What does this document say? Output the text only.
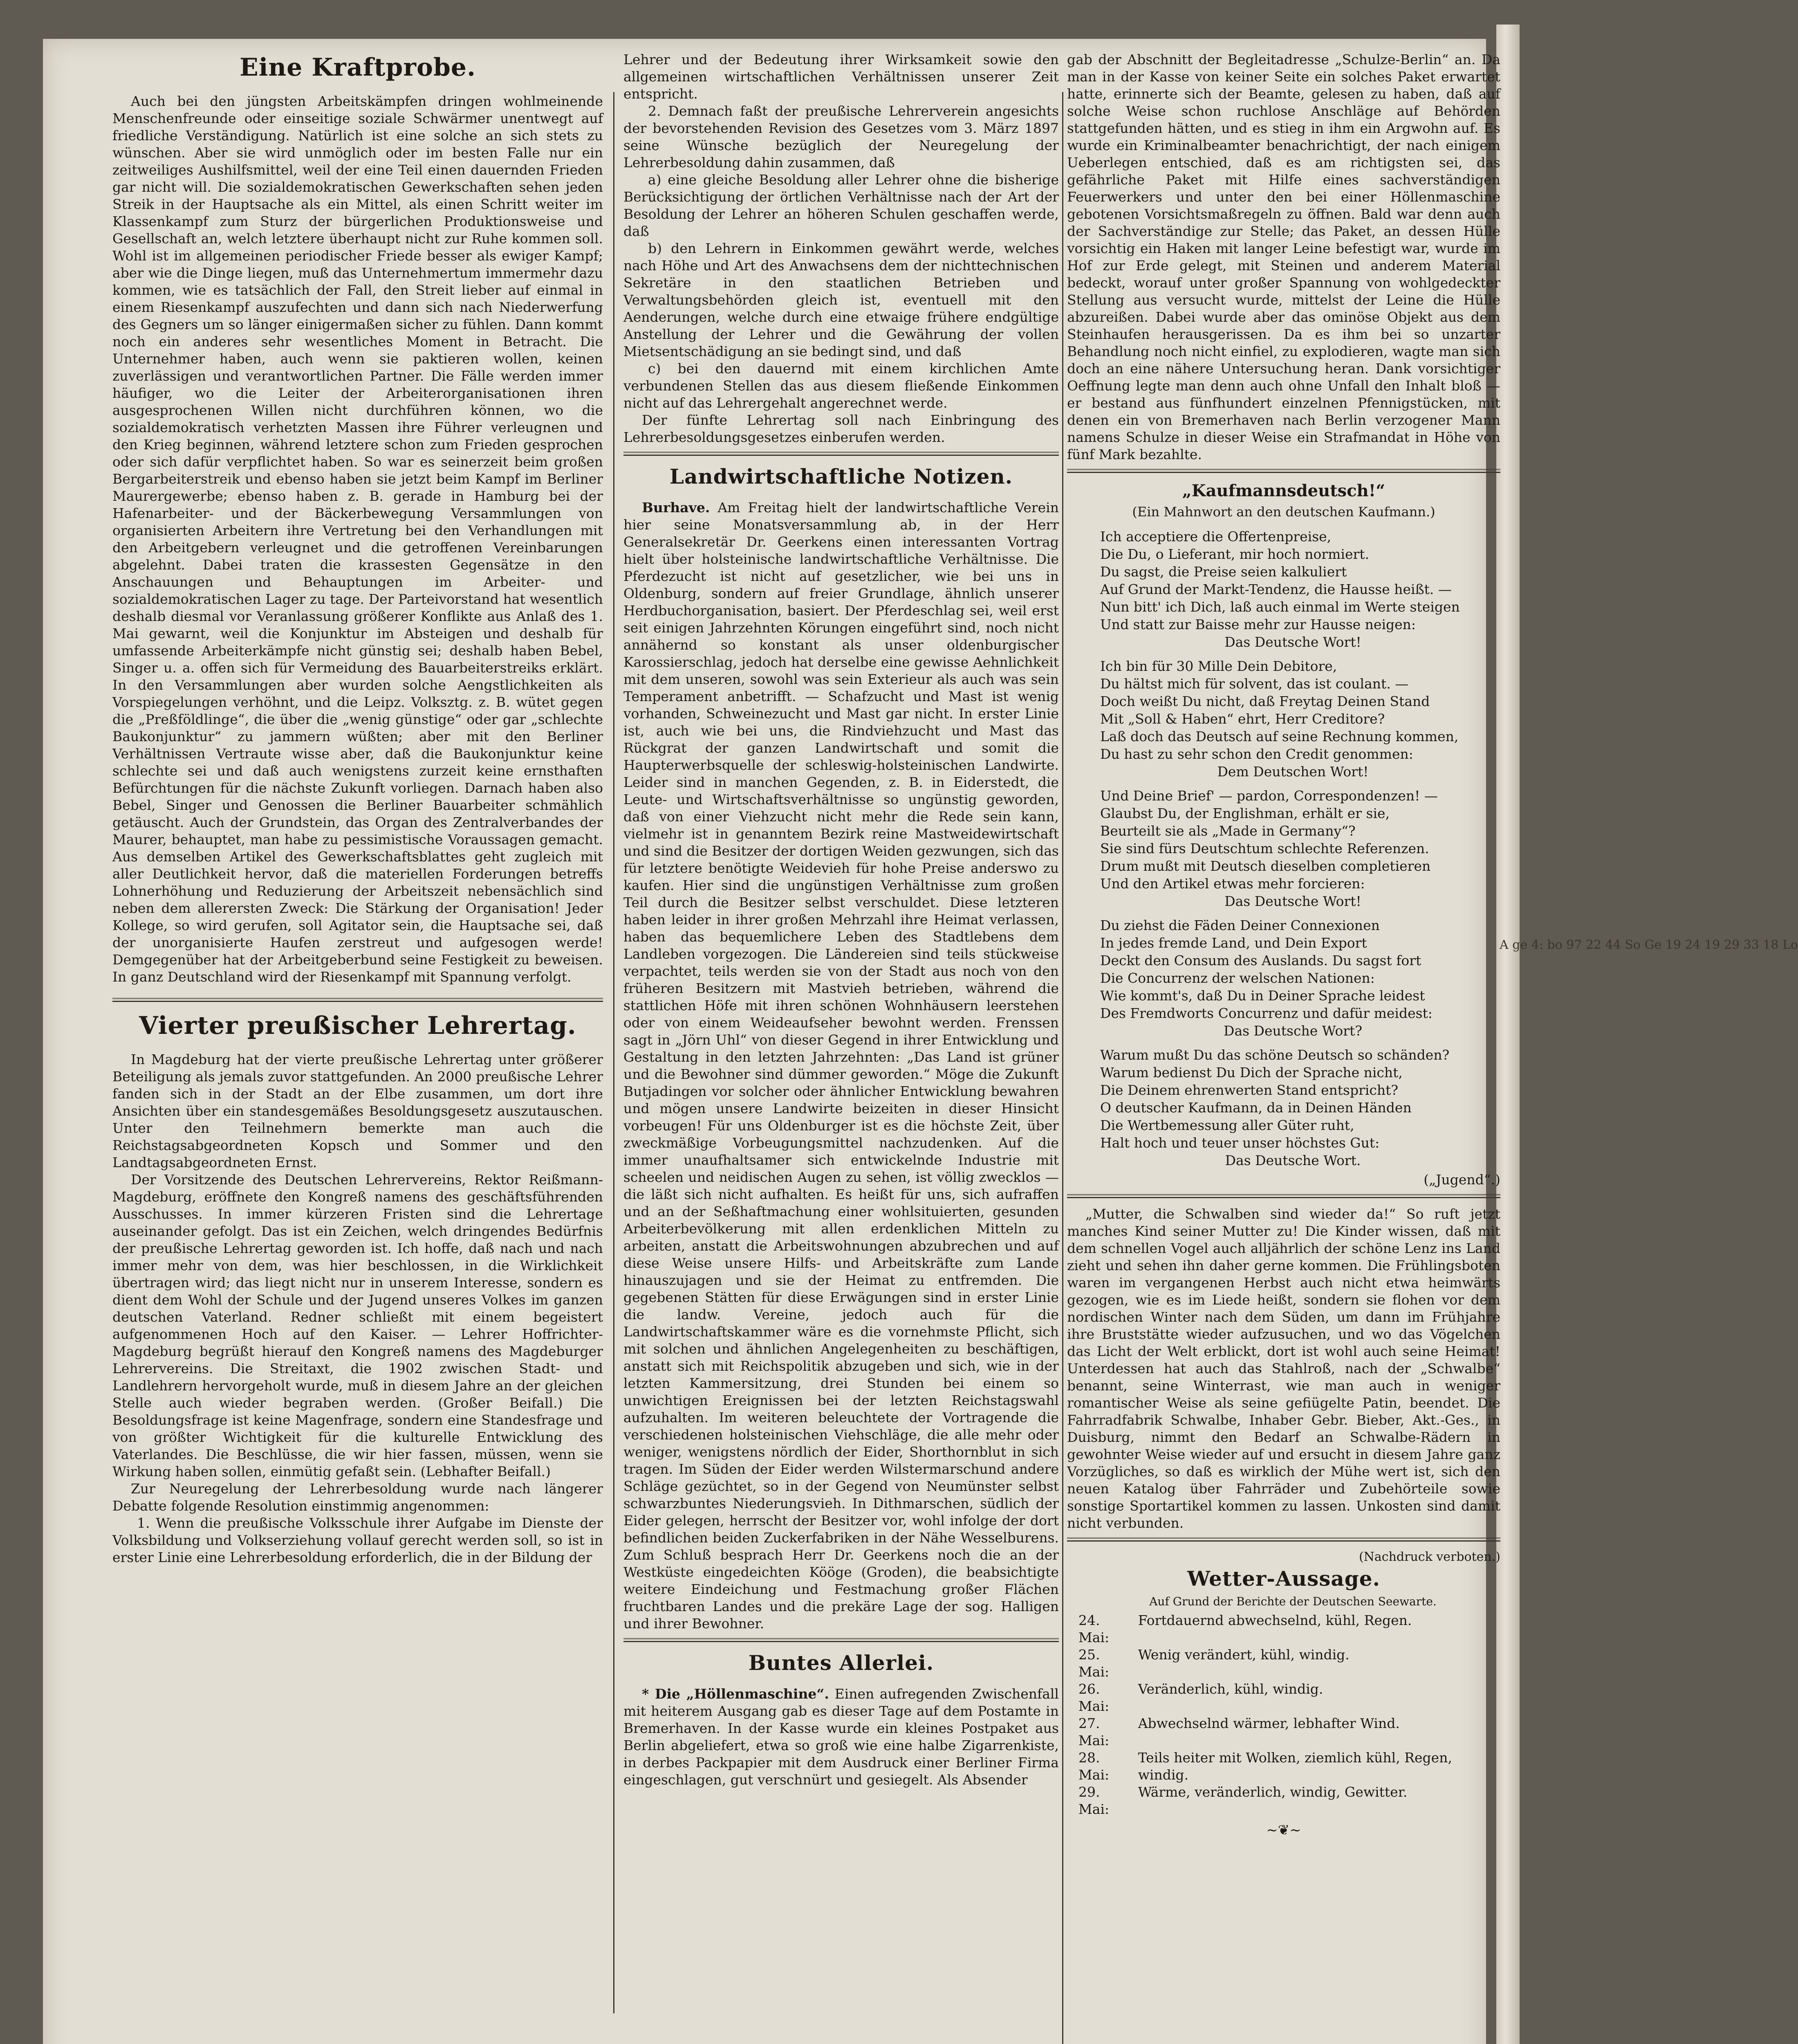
A ge 4: bo 97 22 44 So Ge 19 24 19 29 33 18 Lo
Eine Kraftprobe.

Auch bei den jüngsten Arbeitskämpfen dringen wohlmeinende Menschenfreunde oder einseitige soziale Schwärmer unentwegt auf friedliche Verständigung. Natürlich ist eine solche an sich stets zu wünschen. Aber sie wird unmöglich oder im besten Falle nur ein zeitweiliges Aushilfsmittel, weil der eine Teil einen dauernden Frieden gar nicht will. Die sozialdemokratischen Gewerkschaften sehen jeden Streik in der Hauptsache als ein Mittel, als einen Schritt weiter im Klassenkampf zum Sturz der bürgerlichen Produktionsweise und Gesellschaft an, welch letztere überhaupt nicht zur Ruhe kommen soll. Wohl ist im allgemeinen periodischer Friede besser als ewiger Kampf; aber wie die Dinge liegen, muß das Unternehmertum immermehr dazu kommen, wie es tatsächlich der Fall, den Streit lieber auf einmal in einem Riesenkampf auszufechten und dann sich nach Niederwerfung des Gegners um so länger einigermaßen sicher zu fühlen. Dann kommt noch ein anderes sehr wesentliches Moment in Betracht. Die Unternehmer haben, auch wenn sie paktieren wollen, keinen zuverlässigen und verantwortlichen Partner. Die Fälle werden immer häufiger, wo die Leiter der Arbeiterorganisationen ihren ausgesprochenen Willen nicht durchführen können, wo die sozialdemokratisch verhetzten Massen ihre Führer verleugnen und den Krieg beginnen, während letztere schon zum Frieden gesprochen oder sich dafür verpflichtet haben. So war es seinerzeit beim großen Bergarbeiterstreik und ebenso haben sie jetzt beim Kampf im Berliner Maurergewerbe; ebenso haben z. B. gerade in Hamburg bei der Hafenarbeiter- und der Bäckerbewegung Versammlungen von organisierten Arbeitern ihre Vertretung bei den Verhandlungen mit den Arbeitgebern verleugnet und die getroffenen Vereinbarungen abgelehnt. Dabei traten die krassesten Gegensätze in den Anschauungen und Behauptungen im Arbeiter- und sozialdemokratischen Lager zu tage. Der Parteivorstand hat wesentlich deshalb diesmal vor Veranlassung größerer Konflikte aus Anlaß des 1. Mai gewarnt, weil die Konjunktur im Absteigen und deshalb für umfassende Arbeiterkämpfe nicht günstig sei; deshalb haben Bebel, Singer u. a. offen sich für Vermeidung des Bauarbeiterstreiks erklärt. In den Versammlungen aber wurden solche Aengstlichkeiten als Vorspiegelungen verhöhnt, und die Leipz. Volksztg. z. B. wütet gegen die „Preßföldlinge“, die über die „wenig günstige“ oder gar „schlechte Baukonjunktur“ zu jammern wüßten; aber mit den Berliner Verhältnissen Vertraute wisse aber, daß die Baukonjunktur keine schlechte sei und daß auch wenigstens zurzeit keine ernsthaften Befürchtungen für die nächste Zukunft vorliegen. Darnach haben also Bebel, Singer und Genossen die Berliner Bauarbeiter schmählich getäuscht. Auch der Grundstein, das Organ des Zentralverbandes der Maurer, behauptet, man habe zu pessimistische Voraussagen gemacht. Aus demselben Artikel des Gewerkschaftsblattes geht zugleich mit aller Deutlichkeit hervor, daß die materiellen Forderungen betreffs Lohnerhöhung und Reduzierung der Arbeitszeit nebensächlich sind neben dem allerersten Zweck: Die Stärkung der Organisation! Jeder Kollege, so wird gerufen, soll Agitator sein, die Hauptsache sei, daß der unorganisierte Haufen zerstreut und aufgesogen werde! Demgegenüber hat der Arbeitgeberbund seine Festigkeit zu beweisen. In ganz Deutschland wird der Riesenkampf mit Spannung verfolgt.

Vierter preußischer Lehrertag.

In Magdeburg hat der vierte preußische Lehrertag unter größerer Beteiligung als jemals zuvor stattgefunden. An 2000 preußische Lehrer fanden sich in der Stadt an der Elbe zusammen, um dort ihre Ansichten über ein standesgemäßes Besoldungsgesetz auszutauschen. Unter den Teilnehmern bemerkte man auch die Reichstagsabgeordneten Kopsch und Sommer und den Landtagsabgeordneten Ernst.

Der Vorsitzende des Deutschen Lehrervereins, Rektor Reißmann-Magdeburg, eröffnete den Kongreß namens des geschäftsführenden Ausschusses. In immer kürzeren Fristen sind die Lehrertage auseinander gefolgt. Das ist ein Zeichen, welch dringendes Bedürfnis der preußische Lehrertag geworden ist. Ich hoffe, daß nach und nach immer mehr von dem, was hier beschlossen, in die Wirklichkeit übertragen wird; das liegt nicht nur in unserem Interesse, sondern es dient dem Wohl der Schule und der Jugend unseres Volkes im ganzen deutschen Vaterland. Redner schließt mit einem begeistert aufgenommenen Hoch auf den Kaiser. — Lehrer Hoffrichter-Magdeburg begrüßt hierauf den Kongreß namens des Magdeburger Lehrervereins. Die Streitaxt, die 1902 zwischen Stadt- und Landlehrern hervorgeholt wurde, muß in diesem Jahre an der gleichen Stelle auch wieder begraben werden. (Großer Beifall.) Die Besoldungsfrage ist keine Magenfrage, sondern eine Standesfrage und von größter Wichtigkeit für die kulturelle Entwicklung des Vaterlandes. Die Beschlüsse, die wir hier fassen, müssen, wenn sie Wirkung haben sollen, einmütig gefaßt sein. (Lebhafter Beifall.)

Zur Neuregelung der Lehrerbesoldung wurde nach längerer Debatte folgende Resolution einstimmig angenommen:

1. Wenn die preußische Volksschule ihrer Aufgabe im Dienste der Volksbildung und Volkserziehung vollauf gerecht werden soll, so ist in erster Linie eine Lehrerbesoldung erforderlich, die in der Bildung der

Lehrer und der Bedeutung ihrer Wirksamkeit sowie den allgemeinen wirtschaftlichen Verhältnissen unserer Zeit entspricht.

2. Demnach faßt der preußische Lehrerverein angesichts der bevorstehenden Revision des Gesetzes vom 3. März 1897 seine Wünsche bezüglich der Neuregelung der Lehrerbesoldung dahin zusammen, daß

a) eine gleiche Besoldung aller Lehrer ohne die bisherige Berücksichtigung der örtlichen Verhältnisse nach der Art der Besoldung der Lehrer an höheren Schulen geschaffen werde, daß

b) den Lehrern in Einkommen gewährt werde, welches nach Höhe und Art des Anwachsens dem der nichttechnischen Sekretäre in den staatlichen Betrieben und Verwaltungsbehörden gleich ist, eventuell mit den Aenderungen, welche durch eine etwaige frühere endgültige Anstellung der Lehrer und die Gewährung der vollen Mietsentschädigung an sie bedingt sind, und daß

c) bei den dauernd mit einem kirchlichen Amte verbundenen Stellen das aus diesem fließende Einkommen nicht auf das Lehrergehalt angerechnet werde.

Der fünfte Lehrertag soll nach Einbringung des Lehrerbesoldungsgesetzes einberufen werden.

Landwirtschaftliche Notizen.

Burhave. Am Freitag hielt der landwirtschaftliche Verein hier seine Monatsversammlung ab, in der Herr Generalsekretär Dr. Geerkens einen interessanten Vortrag hielt über holsteinische landwirtschaftliche Verhältnisse. Die Pferdezucht ist nicht auf gesetzlicher, wie bei uns in Oldenburg, sondern auf freier Grundlage, ähnlich unserer Herdbuchorganisation, basiert. Der Pferdeschlag sei, weil erst seit einigen Jahrzehnten Körungen eingeführt sind, noch nicht annähernd so konstant als unser oldenburgischer Karossierschlag, jedoch hat derselbe eine gewisse Aehnlichkeit mit dem unseren, sowohl was sein Exterieur als auch was sein Temperament anbetrifft. — Schafzucht und Mast ist wenig vorhanden, Schweinezucht und Mast gar nicht. In erster Linie ist, auch wie bei uns, die Rindviehzucht und Mast das Rückgrat der ganzen Landwirtschaft und somit die Haupterwerbsquelle der schleswig-holsteinischen Landwirte. Leider sind in manchen Gegenden, z. B. in Eiderstedt, die Leute- und Wirtschaftsverhältnisse so ungünstig geworden, daß von einer Viehzucht nicht mehr die Rede sein kann, vielmehr ist in genanntem Bezirk reine Mastweidewirtschaft und sind die Besitzer der dortigen Weiden gezwungen, sich das für letztere benötigte Weidevieh für hohe Preise anderswo zu kaufen. Hier sind die ungünstigen Verhältnisse zum großen Teil durch die Besitzer selbst verschuldet. Diese letzteren haben leider in ihrer großen Mehrzahl ihre Heimat verlassen, haben das bequemlichere Leben des Stadtlebens dem Landleben vorgezogen. Die Ländereien sind teils stückweise verpachtet, teils werden sie von der Stadt aus noch von den früheren Besitzern mit Mastvieh betrieben, während die stattlichen Höfe mit ihren schönen Wohnhäusern leerstehen oder von einem Weideaufseher bewohnt werden. Frenssen sagt in „Jörn Uhl“ von dieser Gegend in ihrer Entwicklung und Gestaltung in den letzten Jahrzehnten: „Das Land ist grüner und die Bewohner sind dümmer geworden.“ Möge die Zukunft Butjadingen vor solcher oder ähnlicher Entwicklung bewahren und mögen unsere Landwirte beizeiten in dieser Hinsicht vorbeugen! Für uns Oldenburger ist es die höchste Zeit, über zweckmäßige Vorbeugungsmittel nachzudenken. Auf die immer unaufhaltsamer sich entwickelnde Industrie mit scheelen und neidischen Augen zu sehen, ist völlig zwecklos — die läßt sich nicht aufhalten. Es heißt für uns, sich aufraffen und an der Seßhaftmachung einer wohlsituierten, gesunden Arbeiterbevölkerung mit allen erdenklichen Mitteln zu arbeiten, anstatt die Arbeitswohnungen abzubrechen und auf diese Weise unsere Hilfs- und Arbeitskräfte zum Lande hinauszujagen und sie der Heimat zu entfremden. Die gegebenen Stätten für diese Erwägungen sind in erster Linie die landw. Vereine, jedoch auch für die Landwirtschaftskammer wäre es die vornehmste Pflicht, sich mit solchen und ähnlichen Angelegenheiten zu beschäftigen, anstatt sich mit Reichspolitik abzugeben und sich, wie in der letzten Kammersitzung, drei Stunden bei einem so unwichtigen Ereignissen bei der letzten Reichstagswahl aufzuhalten. Im weiteren beleuchtete der Vortragende die verschiedenen holsteinischen Viehschläge, die alle mehr oder weniger, wenigstens nördlich der Eider, Shorthornblut in sich tragen. Im Süden der Eider werden Wilstermarschund andere Schläge gezüchtet, so in der Gegend von Neumünster selbst schwarzbuntes Niederungsvieh. In Dithmarschen, südlich der Eider gelegen, herrscht der Besitzer vor, wohl infolge der dort befindlichen beiden Zuckerfabriken in der Nähe Wesselburens. Zum Schluß besprach Herr Dr. Geerkens noch die an der Westküste eingedeichten Kööge (Groden), die beabsichtigte weitere Eindeichung und Festmachung großer Flächen fruchtbaren Landes und die prekäre Lage der sog. Halligen und ihrer Bewohner.

Buntes Allerlei.

* Die „Höllenmaschine“. Einen aufregenden Zwischenfall mit heiterem Ausgang gab es dieser Tage auf dem Postamte in Bremerhaven. In der Kasse wurde ein kleines Postpaket aus Berlin abgeliefert, etwa so groß wie eine halbe Zigarrenkiste, in derbes Packpapier mit dem Ausdruck einer Berliner Firma eingeschlagen, gut verschnürt und gesiegelt. Als Absender

gab der Abschnitt der Begleitadresse „Schulze-Berlin“ an. Da man in der Kasse von keiner Seite ein solches Paket erwartet hatte, erinnerte sich der Beamte, gelesen zu haben, daß auf solche Weise schon ruchlose Anschläge auf Behörden stattgefunden hätten, und es stieg in ihm ein Argwohn auf. Es wurde ein Kriminalbeamter benachrichtigt, der nach einigem Ueberlegen entschied, daß es am richtigsten sei, das gefährliche Paket mit Hilfe eines sachverständigen Feuerwerkers und unter den bei einer Höllenmaschine gebotenen Vorsichtsmaßregeln zu öffnen. Bald war denn auch der Sachverständige zur Stelle; das Paket, an dessen Hülle vorsichtig ein Haken mit langer Leine befestigt war, wurde im Hof zur Erde gelegt, mit Steinen und anderem Material bedeckt, worauf unter großer Spannung von wohlgedeckter Stellung aus versucht wurde, mittelst der Leine die Hülle abzureißen. Dabei wurde aber das ominöse Objekt aus dem Steinhaufen herausgerissen. Da es ihm bei so unzarter Behandlung noch nicht einfiel, zu explodieren, wagte man sich doch an eine nähere Untersuchung heran. Dank vorsichtiger Oeffnung legte man denn auch ohne Unfall den Inhalt bloß — er bestand aus fünfhundert einzelnen Pfennigstücken, mit denen ein von Bremerhaven nach Berlin verzogener Mann namens Schulze in dieser Weise ein Strafmandat in Höhe von fünf Mark bezahlte.

„Kaufmannsdeutsch!“
(Ein Mahnwort an den deutschen Kaufmann.)

Ich acceptiere die Offertenpreise,

Die Du, o Lieferant, mir hoch normiert.

Du sagst, die Preise seien kalkuliert

Auf Grund der Markt-Tendenz, die Hausse heißt. —

Nun bitt' ich Dich, laß auch einmal im Werte steigen

Und statt zur Baisse mehr zur Hausse neigen:

Das Deutsche Wort!

Ich bin für 30 Mille Dein Debitore,

Du hältst mich für solvent, das ist coulant. —

Doch weißt Du nicht, daß Freytag Deinen Stand

Mit „Soll & Haben“ ehrt, Herr Creditore?

Laß doch das Deutsch auf seine Rechnung kommen,

Du hast zu sehr schon den Credit genommen:

Dem Deutschen Wort!

Und Deine Brief' — pardon, Correspondenzen! —

Glaubst Du, der Englishman, erhält er sie,

Beurteilt sie als „Made in Germany“?

Sie sind fürs Deutschtum schlechte Referenzen.

Drum mußt mit Deutsch dieselben completieren

Und den Artikel etwas mehr forcieren:

Das Deutsche Wort!

Du ziehst die Fäden Deiner Connexionen

In jedes fremde Land, und Dein Export

Deckt den Consum des Auslands. Du sagst fort

Die Concurrenz der welschen Nationen:

Wie kommt's, daß Du in Deiner Sprache leidest

Des Fremdworts Concurrenz und dafür meidest:

Das Deutsche Wort?

Warum mußt Du das schöne Deutsch so schänden?

Warum bedienst Du Dich der Sprache nicht,

Die Deinem ehrenwerten Stand entspricht?

O deutscher Kaufmann, da in Deinen Händen

Die Wertbemessung aller Güter ruht,

Halt hoch und teuer unser höchstes Gut:

Das Deutsche Wort.

(„Jugend“.)

„Mutter, die Schwalben sind wieder da!“ So ruft jetzt manches Kind seiner Mutter zu! Die Kinder wissen, daß mit dem schnellen Vogel auch alljährlich der schöne Lenz ins Land zieht und sehen ihn daher gerne kommen. Die Frühlingsboten waren im vergangenen Herbst auch nicht etwa heimwärts gezogen, wie es im Liede heißt, sondern sie flohen vor dem nordischen Winter nach dem Süden, um dann im Frühjahre ihre Bruststätte wieder aufzusuchen, und wo das Vögelchen das Licht der Welt erblickt, dort ist wohl auch seine Heimat! Unterdessen hat auch das Stahlroß, nach der „Schwalbe“ benannt, seine Winterrast, wie man auch in weniger romantischer Weise als seine gefiügelte Patin, beendet. Die Fahrradfabrik Schwalbe, Inhaber Gebr. Bieber, Akt.-Ges., in Duisburg, nimmt den Bedarf an Schwalbe-Rädern in gewohnter Weise wieder auf und ersucht in diesem Jahre ganz Vorzügliches, so daß es wirklich der Mühe wert ist, sich den neuen Katalog über Fahrräder und Zubehörteile sowie sonstige Sportartikel kommen zu lassen. Unkosten sind damit nicht verbunden.

(Nachdruck verboten.)

Wetter-Aussage.

Auf Grund der Berichte der Deutschen Seewarte.

24. Mai:	Fortdauernd abwechselnd, kühl, Regen.
25. Mai:	Wenig verändert, kühl, windig.
26. Mai:	Veränderlich, kühl, windig.
27. Mai:	Abwechselnd wärmer, lebhafter Wind.
28. Mai:	Teils heiter mit Wolken, ziemlich kühl, Regen, windig.
29. Mai:	Wärme, veränderlich, windig, Gewitter.
~❦~
